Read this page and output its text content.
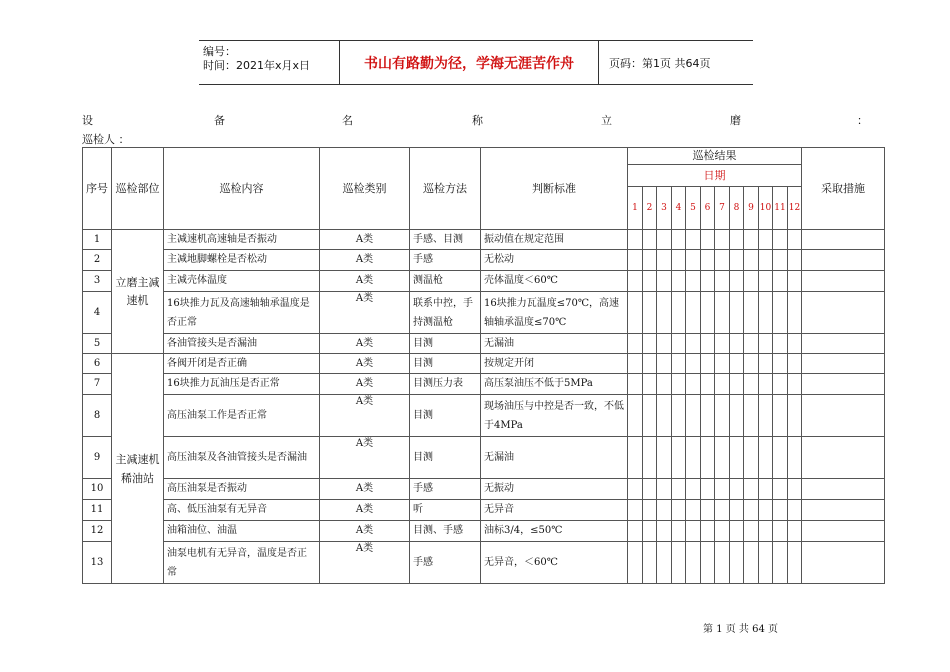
编号：
时间：2021年x月x日	书山有路勤为径，学海无涯苦作舟	页码：第1页 共64页
设	备	名	称	立	磨	：
巡检人 ：
序号	巡检部位	巡检内容	巡检类别	巡检方法	判断标准	巡检结果												采取措施
						日期												
						1	2	3	4	5	6	7	8	9	10	11	12	
1	立磨主减速机	主减速机高速轴是否振动	A类	手感、目测	振动值在规定范围													
2		主减地脚螺栓是否松动	A类	手感	无松动													
3		主减壳体温度	A类	测温枪	壳体温度＜60℃													
4		16块推力瓦及高速轴轴承温度是否正常	A类	联系中控，手持测温枪	16块推力瓦温度≤70℃，高速轴轴承温度≤70℃													
5		各油管接头是否漏油	A类	目测	无漏油													
6	主减速机稀油站	各阀开闭是否正确	A类	目测	按规定开闭													
7		16块推力瓦油压是否正常	A类	目测压力表	高压泵油压不低于5MPa													
8		高压油泵工作是否正常	A类	目测	现场油压与中控是否一致，不低于4MPa													
9		高压油泵及各油管接头是否漏油	A类	目测	无漏油													
10		高压油泵是否振动	A类	手感	无振动													
11		高、低压油泵有无异音	A类	听	无异音													
12		油箱油位、油温	A类	目测、手感	油标3/4，≤50℃													
13		油泵电机有无异音，温度是否正常	A类	手感	无异音，＜60℃													
第 1 页 共 64 页
